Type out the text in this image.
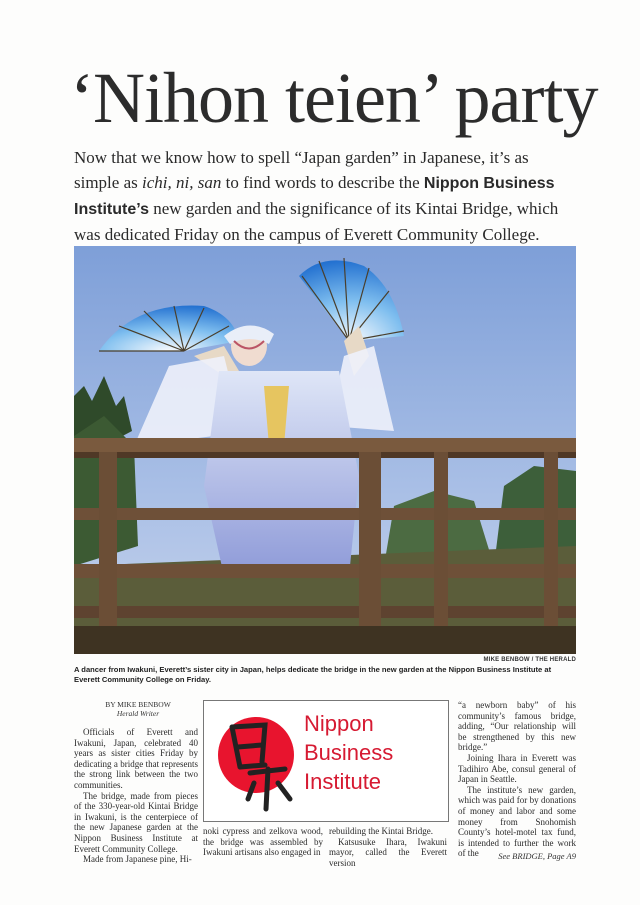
‘Nihon teien’ party
Now that we know how to spell “Japan garden” in Japanese, it’s as simple as ichi, ni, san to find words to describe the Nippon Business Institute’s new garden and the significance of its Kintai Bridge, which was dedicated Friday on the campus of Everett Community College.
MIKE BENBOW / THE HERALD
A dancer from Iwakuni, Everett’s sister city in Japan, helps dedicate the bridge in the new garden at the Nippon Business Institute at Everett Community College on Friday.
BY MIKE BENBOW
Herald Writer

Officials of Everett and Iwakuni, Japan, celebrated 40 years as sister cities Friday by dedicating a bridge that represents the strong link between the two communities.

The bridge, made from pieces of the 330-year-old Kintai Bridge in Iwakuni, is the centerpiece of the new Japanese garden at the Nippon Business Institute at Everett Community College.

Made from Japanese pine, Hi-

Nippon
Business
Institute

noki cypress and zelkova wood, the bridge was assembled by Iwakuni artisans also engaged in

rebuilding the Kintai Bridge.

Katsusuke Ihara, Iwakuni mayor, called the Everett version

“a newborn baby” of his community’s famous bridge, adding, “Our relationship will be strengthened by this new bridge.”

Joining Ihara in Everett was Tadihiro Abe, consul general of Japan in Seattle.

The institute’s new garden, which was paid for by donations of money and labor and some money from Snohomish County’s hotel-motel tax fund, is intended to further the work of the	See BRIDGE, Page A9
